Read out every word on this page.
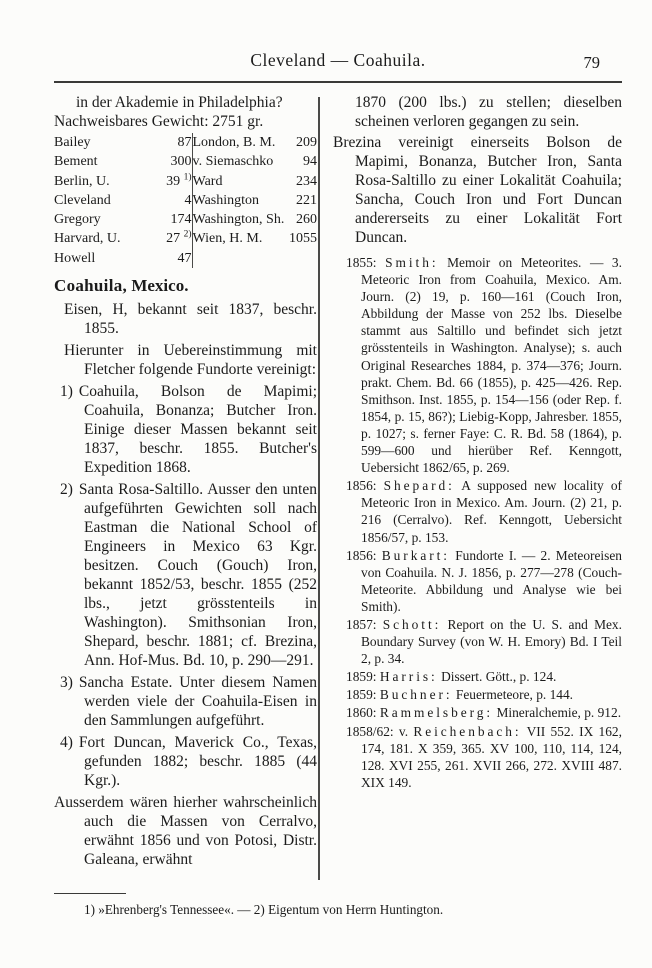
Cleveland — Coahuila.	79

in der Akademie in Philadelphia?

Nachweisbares Gewicht: 2751 gr.

Bailey	87	London, B. M.	209
Bement	300	v. Siemaschko	94
Berlin, U.	39 $^{1)}$	Ward	234
Cleveland	4	Washington	221
Gregory	174	Washington, Sh.	260
Harvard, U.	27 $^{2)}$	Wien, H. M.	1055
Howell	47		
Coahuila, Mexico.

Eisen, H, bekannt seit 1837, beschr. 1855.

Hierunter in Uebereinstimmung mit Fletcher folgende Fundorte vereinigt:

1) Coahuila, Bolson de Mapimi; Coahuila, Bonanza; Butcher Iron. Einige dieser Massen bekannt seit 1837, beschr. 1855. Butcher's Expedition 1868.

2) Santa Rosa-Saltillo. Ausser den unten aufgeführten Gewichten soll nach Eastman die National School of Engineers in Mexico 63 Kgr. besitzen. Couch (Gouch) Iron, bekannt 1852/53, beschr. 1855 (252 lbs., jetzt grösstenteils in Washington). Smithsonian Iron, Shepard, beschr. 1881; cf. Brezina, Ann. Hof-Mus. Bd. 10, p. 290—291.

3) Sancha Estate. Unter diesem Namen werden viele der Coahuila-Eisen in den Sammlungen aufgeführt.

4) Fort Duncan, Maverick Co., Texas, gefunden 1882; beschr. 1885 (44 Kgr.).

Ausserdem wären hierher wahrscheinlich auch die Massen von Cerralvo, erwähnt 1856 und von Potosi, Distr. Galeana, erwähnt

1870 (200 lbs.) zu stellen; dieselben scheinen verloren gegangen zu sein.

Brezina vereinigt einerseits Bolson de Mapimi, Bonanza, Butcher Iron, Santa Rosa-Saltillo zu einer Lokalität Coahuila; Sancha, Couch Iron und Fort Duncan andererseits zu einer Lokalität Fort Duncan.

1855: Smith: Memoir on Meteorites. — 3. Meteoric Iron from Coahuila, Mexico. Am. Journ. (2) 19, p. 160—161 (Couch Iron, Abbildung der Masse von 252 lbs. Dieselbe stammt aus Saltillo und befindet sich jetzt grösstenteils in Washington. Analyse); s. auch Original Researches 1884, p. 374—376; Journ. prakt. Chem. Bd. 66 (1855), p. 425—426. Rep. Smithson. Inst. 1855, p. 154—156 (oder Rep. f. 1854, p. 15, 86?); Liebig-Kopp, Jahresber. 1855, p. 1027; s. ferner Faye: C. R. Bd. 58 (1864), p. 599—600 und hierüber Ref. Kenngott, Uebersicht 1862/65, p. 269.

1856: Shepard: A supposed new locality of Meteoric Iron in Mexico. Am. Journ. (2) 21, p. 216 (Cerralvo). Ref. Kenngott, Uebersicht 1856/57, p. 153.

1856: Burkart: Fundorte I. — 2. Meteoreisen von Coahuila. N. J. 1856, p. 277—278 (Couch-Meteorite. Abbildung und Analyse wie bei Smith).

1857: Schott: Report on the U. S. and Mex. Boundary Survey (von W. H. Emory) Bd. I Teil 2, p. 34.

1859: Harris: Dissert. Gött., p. 124.

1859: Buchner: Feuermeteore, p. 144.

1860: Rammelsberg: Mineralchemie, p. 912.

1858/62: v. Reichenbach: VII 552. IX 162, 174, 181. X 359, 365. XV 100, 110, 114, 124, 128. XVI 255, 261. XVII 266, 272. XVIII 487. XIX 149.

1) »Ehrenberg's Tennessee«. — 2) Eigentum von Herrn Huntington.
